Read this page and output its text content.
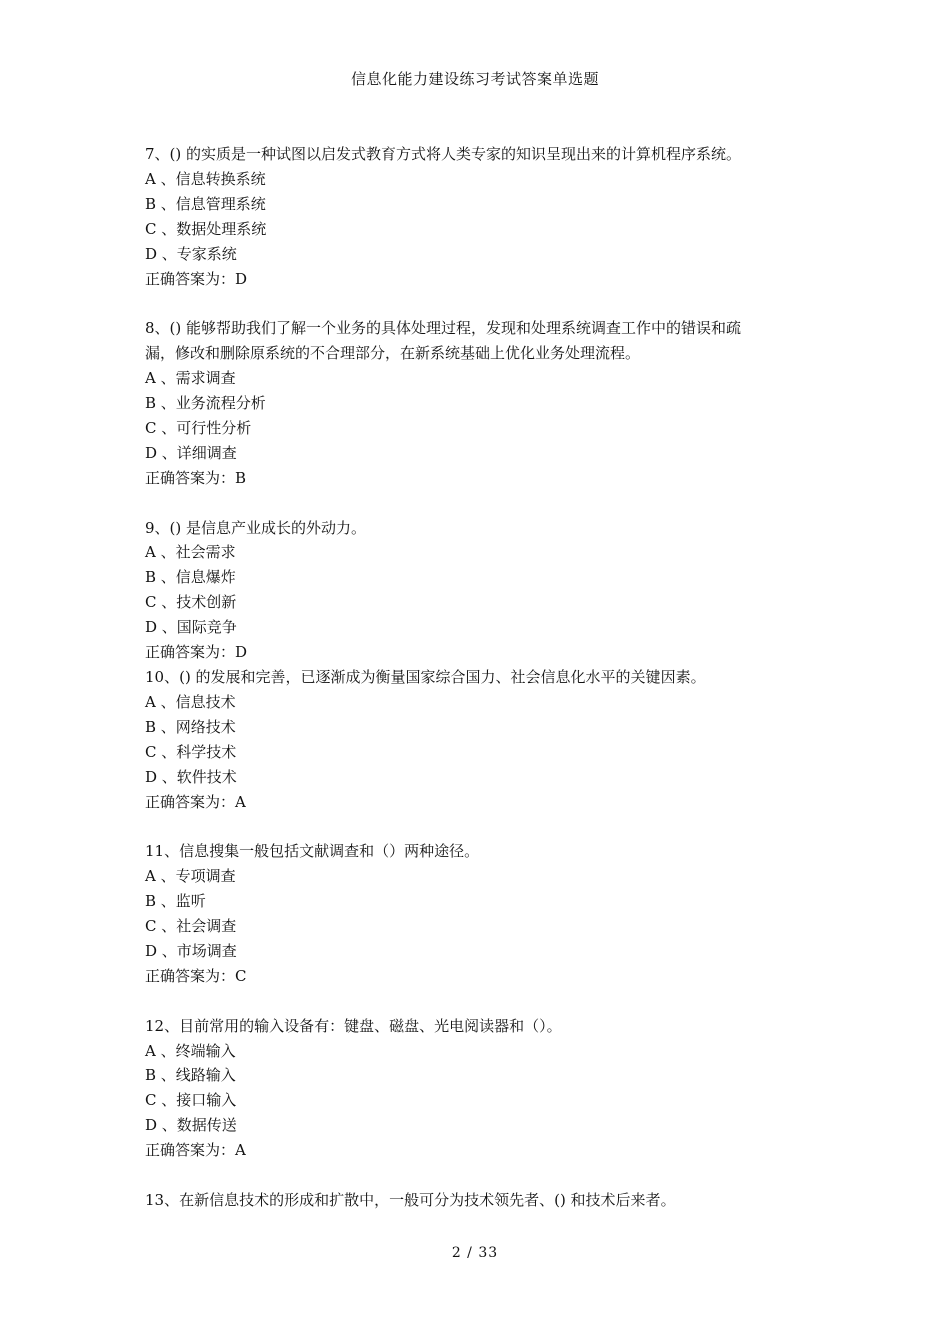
信息化能力建设练习考试答案单选题
7、() 的实质是一种试图以启发式教育方式将人类专家的知识呈现出来的计算机程序系统。
A 、信息转换系统
B 、信息管理系统
C 、数据处理系统
D 、专家系统
正确答案为：D
8、() 能够帮助我们了解一个业务的具体处理过程，发现和处理系统调查工作中的错误和疏
漏，修改和删除原系统的不合理部分，在新系统基础上优化业务处理流程。
A 、需求调查
B 、业务流程分析
C 、可行性分析
D 、详细调查
正确答案为：B
9、() 是信息产业成长的外动力。
A 、社会需求
B 、信息爆炸
C 、技术创新
D 、国际竞争
正确答案为：D
10、() 的发展和完善，已逐渐成为衡量国家综合国力、社会信息化水平的关键因素。
A 、信息技术
B 、网络技术
C 、科学技术
D 、软件技术
正确答案为：A
11、信息搜集一般包括文献调查和（）两种途径。
A 、专项调查
B 、监听
C 、社会调查
D 、市场调查
正确答案为：C
12、目前常用的输入设备有：键盘、磁盘、光电阅读器和（）。
A 、终端输入
B 、线路输入
C 、接口输入
D 、数据传送
正确答案为：A
13、在新信息技术的形成和扩散中，一般可分为技术领先者、() 和技术后来者。
2 / 33
